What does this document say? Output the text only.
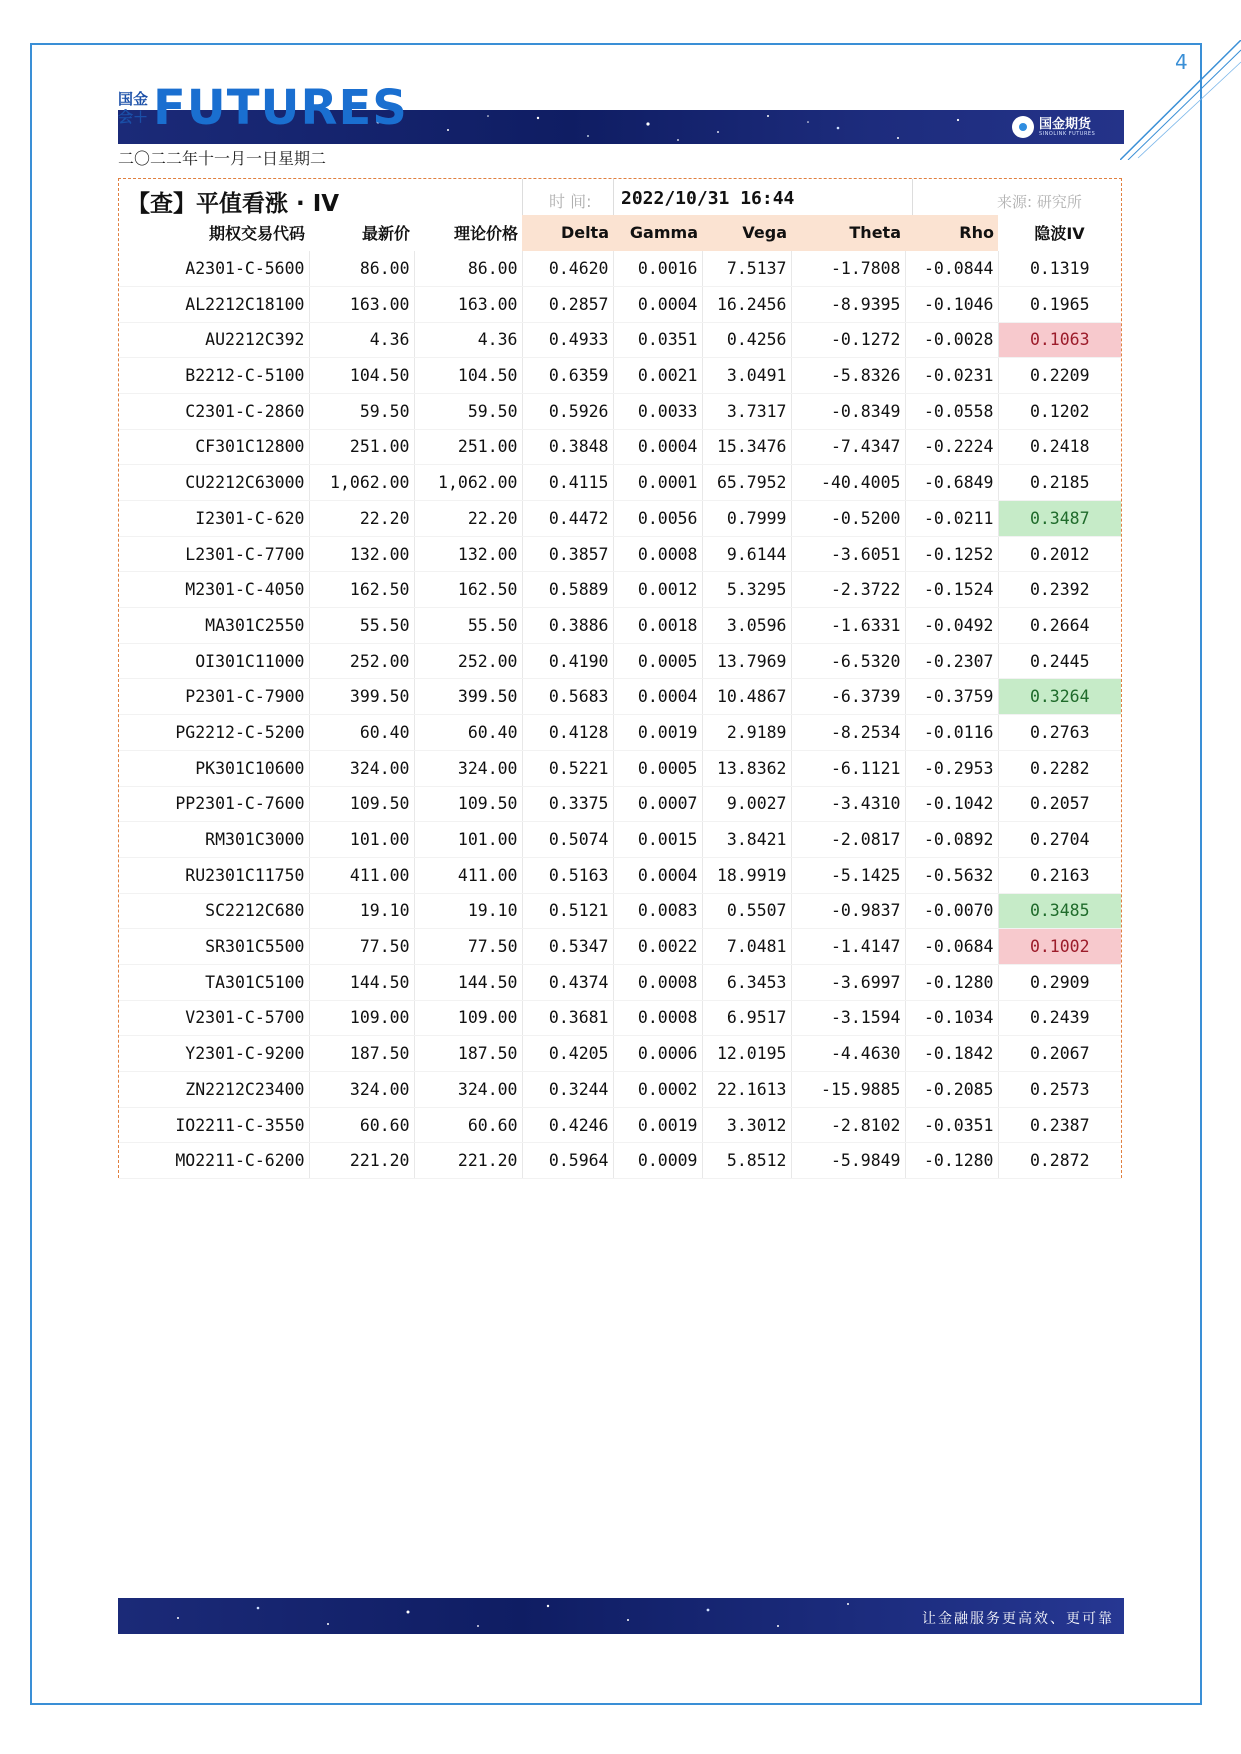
4
国金
会＋ FUTURES	国金期货
SINOLINK FUTURES
二〇二二年十一月一日星期二
【查】平值看涨 · IV	时 间: 2022/10/31 16:44	来源: 研究所
期权交易代码	最新价	理论价格	Delta	Gamma	Vega	Theta	Rho	隐波IV
A2301-C-5600	86.00	86.00	0.4620	0.0016	7.5137	-1.7808	-0.0844	0.1319
AL2212C18100	163.00	163.00	0.2857	0.0004	16.2456	-8.9395	-0.1046	0.1965
AU2212C392	4.36	4.36	0.4933	0.0351	0.4256	-0.1272	-0.0028	0.1063
B2212-C-5100	104.50	104.50	0.6359	0.0021	3.0491	-5.8326	-0.0231	0.2209
C2301-C-2860	59.50	59.50	0.5926	0.0033	3.7317	-0.8349	-0.0558	0.1202
CF301C12800	251.00	251.00	0.3848	0.0004	15.3476	-7.4347	-0.2224	0.2418
CU2212C63000	1,062.00	1,062.00	0.4115	0.0001	65.7952	-40.4005	-0.6849	0.2185
I2301-C-620	22.20	22.20	0.4472	0.0056	0.7999	-0.5200	-0.0211	0.3487
L2301-C-7700	132.00	132.00	0.3857	0.0008	9.6144	-3.6051	-0.1252	0.2012
M2301-C-4050	162.50	162.50	0.5889	0.0012	5.3295	-2.3722	-0.1524	0.2392
MA301C2550	55.50	55.50	0.3886	0.0018	3.0596	-1.6331	-0.0492	0.2664
OI301C11000	252.00	252.00	0.4190	0.0005	13.7969	-6.5320	-0.2307	0.2445
P2301-C-7900	399.50	399.50	0.5683	0.0004	10.4867	-6.3739	-0.3759	0.3264
PG2212-C-5200	60.40	60.40	0.4128	0.0019	2.9189	-8.2534	-0.0116	0.2763
PK301C10600	324.00	324.00	0.5221	0.0005	13.8362	-6.1121	-0.2953	0.2282
PP2301-C-7600	109.50	109.50	0.3375	0.0007	9.0027	-3.4310	-0.1042	0.2057
RM301C3000	101.00	101.00	0.5074	0.0015	3.8421	-2.0817	-0.0892	0.2704
RU2301C11750	411.00	411.00	0.5163	0.0004	18.9919	-5.1425	-0.5632	0.2163
SC2212C680	19.10	19.10	0.5121	0.0083	0.5507	-0.9837	-0.0070	0.3485
SR301C5500	77.50	77.50	0.5347	0.0022	7.0481	-1.4147	-0.0684	0.1002
TA301C5100	144.50	144.50	0.4374	0.0008	6.3453	-3.6997	-0.1280	0.2909
V2301-C-5700	109.00	109.00	0.3681	0.0008	6.9517	-3.1594	-0.1034	0.2439
Y2301-C-9200	187.50	187.50	0.4205	0.0006	12.0195	-4.4630	-0.1842	0.2067
ZN2212C23400	324.00	324.00	0.3244	0.0002	22.1613	-15.9885	-0.2085	0.2573
IO2211-C-3550	60.60	60.60	0.4246	0.0019	3.3012	-2.8102	-0.0351	0.2387
MO2211-C-6200	221.20	221.20	0.5964	0.0009	5.8512	-5.9849	-0.1280	0.2872
让金融服务更高效、更可靠
